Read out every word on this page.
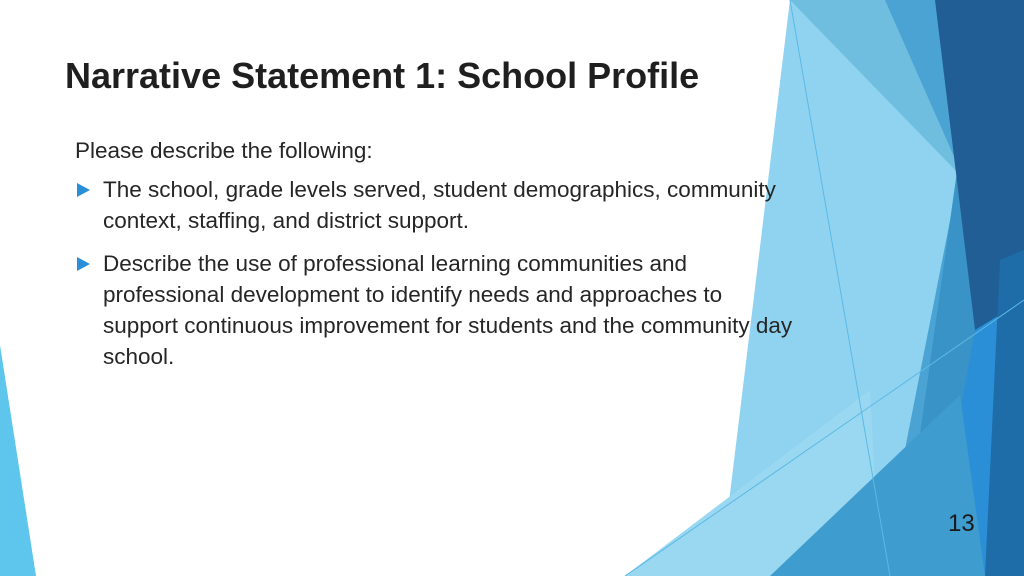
Narrative Statement 1: School Profile

Please describe the following:

The school, grade levels served, student demographics, community context, staffing, and district support.
Describe the use of professional learning communities and professional development to identify needs and approaches to support continuous improvement for students and the community day school.
13
